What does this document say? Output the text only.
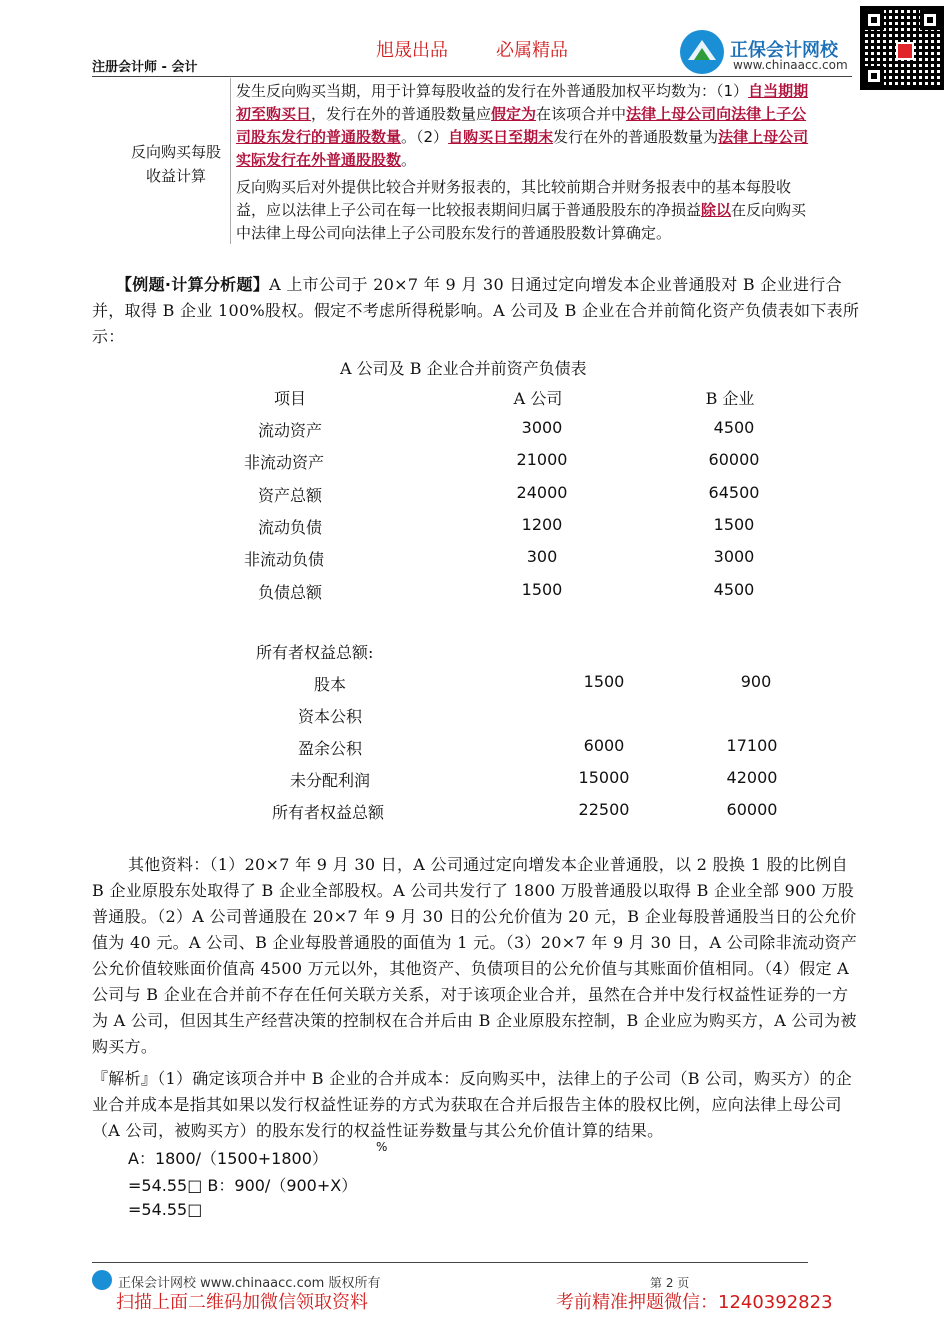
旭晟出品	必属精品
注册会计师 - 会计
正保会计网校
www.chinaacc.com
反向购买每股收益计算
发生反向购买当期，用于计算每股收益的发行在外普通股加权平均数为：（1）自当期期初至购买日，发行在外的普通股数量应假定为在该项合并中法律上母公司向法律上子公司股东发行的普通股数量。（2）自购买日至期末发行在外的普通股数量为法律上母公司实际发行在外普通股股数。
反向购买后对外提供比较合并财务报表的，其比较前期合并财务报表中的基本每股收益，应以法律上子公司在每一比较报表期间归属于普通股股东的净损益除以在反向购买中法律上母公司向法律上子公司股东发行的普通股股数计算确定。
【例题·计算分析题】A 上市公司于 20×7 年 9 月 30 日通过定向增发本企业普通股对 B 企业进行合并，取得 B 企业 100%股权。假定不考虑所得税影响。A 公司及 B 企业在合并前简化资产负债表如下表所示：
A 公司及 B 企业合并前资产负债表
项目	A 公司	B 企业
流动资产	3000	4500
非流动资产	21000	60000
资产总额	24000	64500
流动负债	1200	1500
非流动负债	300	3000
负债总额	1500	4500
所有者权益总额:
股本	1500	900
资本公积
盈余公积	6000	17100
未分配利润	15000	42000
所有者权益总额	22500	60000
其他资料：（1）20×7 年 9 月 30 日，A 公司通过定向增发本企业普通股，以 2 股换 1 股的比例自 B 企业原股东处取得了 B 企业全部股权。A 公司共发行了 1800 万股普通股以取得 B 企业全部 900 万股普通股。（2）A 公司普通股在 20×7 年 9 月 30 日的公允价值为 20 元，B 企业每股普通股当日的公允价值为 40 元。A 公司、B 企业每股普通股的面值为 1 元。（3）20×7 年 9 月 30 日，A 公司除非流动资产公允价值较账面价值高 4500 万元以外，其他资产、负债项目的公允价值与其账面价值相同。（4）假定 A 公司与 B 企业在合并前不存在任何关联方关系，对于该项企业合并，虽然在合并中发行权益性证券的一方为 A 公司，但因其生产经营决策的控制权在合并后由 B 企业原股东控制，B 企业应为购买方，A 公司为被购买方。
『解析』（1）确定该项合并中 B 企业的合并成本：反向购买中，法律上的子公司（B 公司，购买方）的企业合并成本是指其如果以发行权益性证券的方式为获取在合并后报告主体的股权比例，应向法律上母公司（A 公司，被购买方）的股东发行的权益性证券数量与其公允价值计算的结果。
A：1800/（1500+1800）
%
=54.55□ B：900/（900+X）
=54.55□
正保会计网校 www.chinaacc.com 版权所有	第 2 页
扫描上面二维码加微信领取资料	考前精准押题微信：1240392823
